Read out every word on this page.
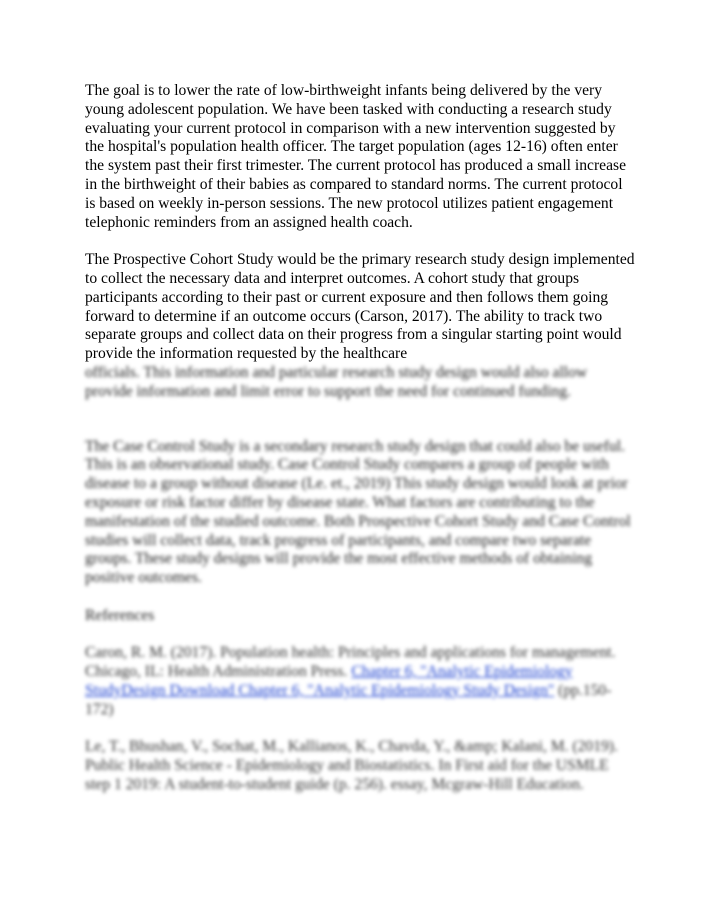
The goal is to lower the rate of low-birthweight infants being delivered by the very young adolescent population. We have been tasked with conducting a research study evaluating your current protocol in comparison with a new intervention suggested by the hospital's population health officer. The target population (ages 12-16) often enter the system past their first trimester. The current protocol has produced a small increase in the birthweight of their babies as compared to standard norms. The current protocol is based on weekly in-person sessions. The new protocol utilizes patient engagement telephonic reminders from an assigned health coach.

The Prospective Cohort Study would be the primary research study design implemented to collect the necessary data and interpret outcomes. A cohort study that groups participants according to their past or current exposure and then follows them going forward to determine if an outcome occurs (Carson, 2017). The ability to track two separate groups and collect data on their progress from a singular starting point would provide the information requested by the healthcare

officials. This information and particular research study design would also allow provide information and limit error to support the need for continued funding.

The Case Control Study is a secondary research study design that could also be useful. This is an observational study. Case Control Study compares a group of people with disease to a group without disease (Le. et., 2019) This study design would look at prior exposure or risk factor differ by disease state. What factors are contributing to the manifestation of the studied outcome. Both Prospective Cohort Study and Case Control studies will collect data, track progress of participants, and compare two separate groups. These study designs will provide the most effective methods of obtaining positive outcomes.

References

Caron, R. M. (2017). Population health: Principles and applications for management. Chicago, IL: Health Administration Press. Chapter 6, "Analytic Epidemiology StudyDesign Download Chapter 6, "Analytic Epidemiology Study Design" (pp.150-172)

Le, T., Bhushan, V., Sochat, M., Kallianos, K., Chavda, Y., &amp; Kalani, M. (2019). Public Health Science - Epidemiology and Biostatistics. In First aid for the USMLE step 1 2019: A student-to-student guide (p. 256). essay, Mcgraw-Hill Education.
